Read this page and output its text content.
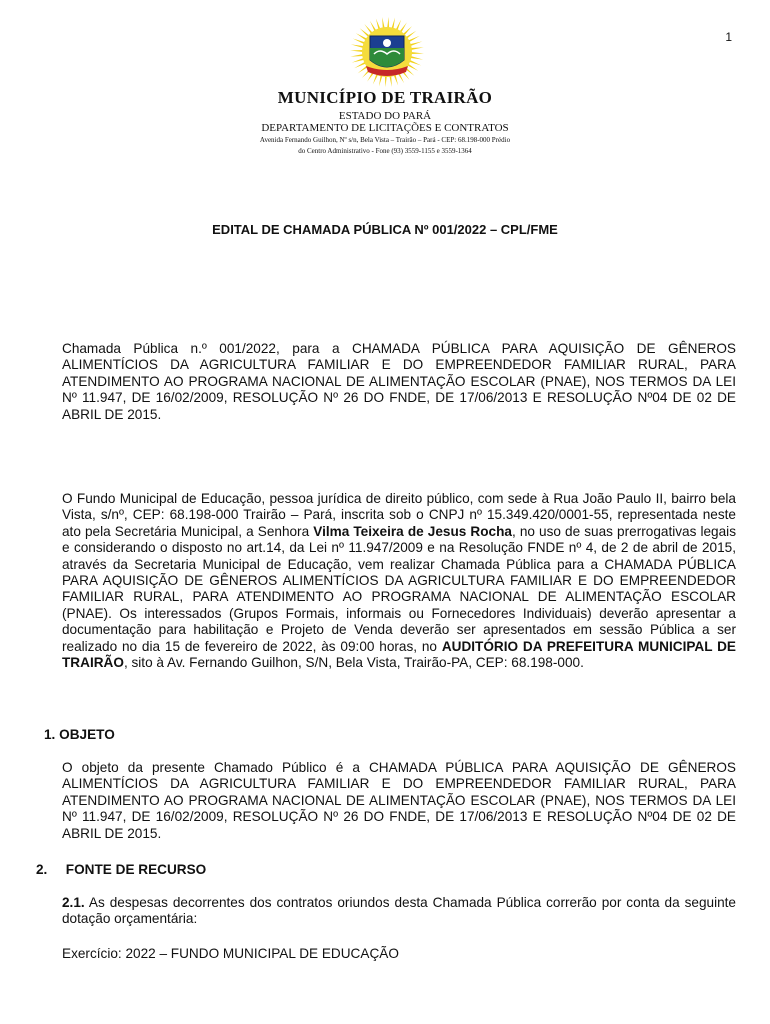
1
MUNICÍPIO DE TRAIRÃO
ESTADO DO PARÁ
DEPARTAMENTO DE LICITAÇÕES E CONTRATOS
Avenida Fernando Guilhon, Nº s/n, Bela Vista – Trairão – Pará - CEP: 68.198-000 Prédio
do Centro Administrativo - Fone (93) 3559-1155 e 3559-1364
EDITAL DE CHAMADA PÚBLICA Nº 001/2022 – CPL/FME

Chamada Pública n.º 001/2022, para a CHAMADA PÚBLICA PARA AQUISIÇÃO DE GÊNEROS ALIMENTÍCIOS DA AGRICULTURA FAMILIAR E DO EMPREENDEDOR FAMILIAR RURAL, PARA ATENDIMENTO AO PROGRAMA NACIONAL DE ALIMENTAÇÃO ESCOLAR (PNAE), NOS TERMOS DA LEI Nº 11.947, DE 16/02/2009, RESOLUÇÃO Nº 26 DO FNDE, DE 17/06/2013 E RESOLUÇÃO Nº04 DE 02 DE ABRIL DE 2015.

O Fundo Municipal de Educação, pessoa jurídica de direito público, com sede à Rua João Paulo II, bairro bela Vista, s/nº, CEP: 68.198-000 Trairão – Pará, inscrita sob o CNPJ nº 15.349.420/0001-55, representada neste ato pela Secretária Municipal, a Senhora Vilma Teixeira de Jesus Rocha, no uso de suas prerrogativas legais e considerando o disposto no art.14, da Lei nº 11.947/2009 e na Resolução FNDE nº 4, de 2 de abril de 2015, através da Secretaria Municipal de Educação, vem realizar Chamada Pública para a CHAMADA PÚBLICA PARA AQUISIÇÃO DE GÊNEROS ALIMENTÍCIOS DA AGRICULTURA FAMILIAR E DO EMPREENDEDOR FAMILIAR RURAL, PARA ATENDIMENTO AO PROGRAMA NACIONAL DE ALIMENTAÇÃO ESCOLAR (PNAE). Os interessados (Grupos Formais, informais ou Fornecedores Individuais) deverão apresentar a documentação para habilitação e Projeto de Venda deverão ser apresentados em sessão Pública a ser realizado no dia 15 de fevereiro de 2022, às 09:00 horas, no AUDITÓRIO DA PREFEITURA MUNICIPAL DE TRAIRÃO, sito à Av. Fernando Guilhon, S/N, Bela Vista, Trairão-PA, CEP: 68.198-000.

1. OBJETO

O objeto da presente Chamado Público é a CHAMADA PÚBLICA PARA AQUISIÇÃO DE GÊNEROS ALIMENTÍCIOS DA AGRICULTURA FAMILIAR E DO EMPREENDEDOR FAMILIAR RURAL, PARA ATENDIMENTO AO PROGRAMA NACIONAL DE ALIMENTAÇÃO ESCOLAR (PNAE), NOS TERMOS DA LEI Nº 11.947, DE 16/02/2009, RESOLUÇÃO Nº 26 DO FNDE, DE 17/06/2013 E RESOLUÇÃO Nº04 DE 02 DE ABRIL DE 2015.

2. FONTE DE RECURSO

2.1. As despesas decorrentes dos contratos oriundos desta Chamada Pública correrão por conta da seguinte dotação orçamentária:

Exercício: 2022 – FUNDO MUNICIPAL DE EDUCAÇÃO
